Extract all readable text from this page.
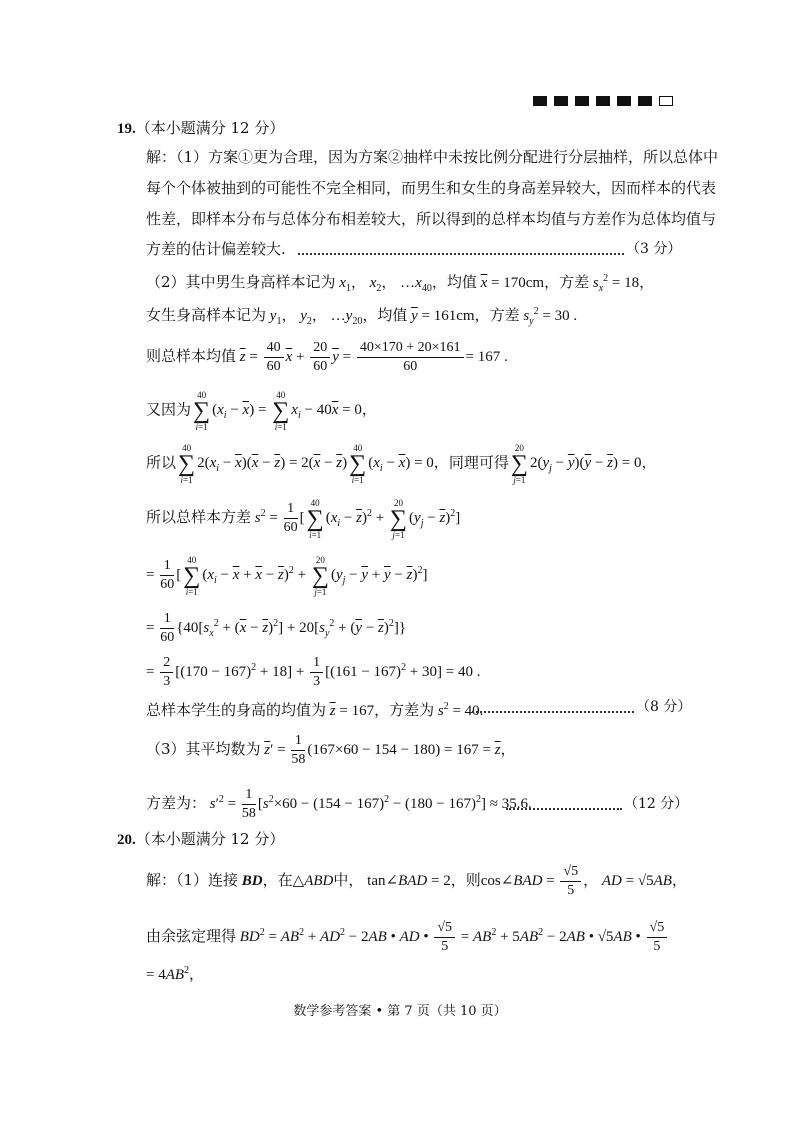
19.（本小题满分 12 分）
解：（1）方案①更为合理，因为方案②抽样中未按比例分配进行分层抽样，所以总体中
每个个体被抽到的可能性不完全相同，而男生和女生的身高差异较大，因而样本的代表
性差，即样本分布与总体分布相差较大，所以得到的总样本均值与方差作为总体均值与
方差的估计偏差较大.	（3 分）
（2）其中男生身高样本记为 $x_1$， $x_2$， $\dots x_{40}$，均值 $\overline{x} = 170cm$，方差 $s_x^2 = 18$，
女生身高样本记为 $y_1$， $y_2$， $\dots y_{20}$，均值 $\overline{y} = 161cm$，方差 $s_y^2 = 30$ .
则总样本均值 $\overline{z} = \frac{40}{60} \overline{x} + \frac{20}{60} \overline{y} = \frac{40\times 170 + 20\times 161}{60} = 167$ .
又因为
40
∑
i=1
$(x_i - \overline{x})$ =
40
∑
i=1
$x_i - 40\overline{x} = 0$，
所以
40
∑
i=1
$2(x_i - \overline{x})(\overline{x} - \overline{z}) = 2(\overline{x} - \overline{z})$
40
∑
i=1
$(x_i - \overline{x}) = 0$，同理可得
20
∑
j=1
$2(y_j - \overline{y})(\overline{y} - \overline{z}) = 0$，
所以总样本方差 $s^2 = \frac{1}{60}$ [
40
∑
i=1
$(x_i - \overline{z})^2$ +
20
∑
j=1
$(y_j - \overline{z})^2$]
= $\frac{1}{60}$ [
40
∑
i=1
$(x_i - \overline{x} + \overline{x} - \overline{z})^2$ +
20
∑
j=1
$(y_j - \overline{y} + \overline{y} - \overline{z})^2$]
= $\frac{1}{60} \{40[s_x^2 + (\overline{x} - \overline{z})^2] + 20[s_y^2 + (\overline{y} - \overline{z})^2]\}$
= $\frac{2}{3} [(170 - 167)^2 + 18] + \frac{1}{3} [(161 - 167)^2 + 30] = 40$ .
总样本学生的身高的均值为 $\overline{z} = 167$，方差为 $s^2 = 40$.	（8 分）
（3）其平均数为 $\overline{z}' = \frac{1}{58} (167\times 60 - 154 - 180) = 167 = \overline{z}$，
方差为： $s'^2 = \frac{1}{58} [s^2\times 60 - (154 - 167)^2 - (180 - 167)^2] \approx 35.6$.	（12 分）
20.（本小题满分 12 分）
解：（1）连接 BD，在△ABD中， tan∠BAD = 2，则cos∠BAD = $\frac{√5}{5}$ ， AD = √5AB，
由余弦定理得 $BD^2 = AB^2 + AD^2 - 2AB$ • AD • $\frac{√5}{5} = AB^2 + 5AB^2 - 2AB$ • √5AB • $\frac{√5}{5}$
= $4AB^2$，
数学参考答案 • 第 7 页（共 10 页）
